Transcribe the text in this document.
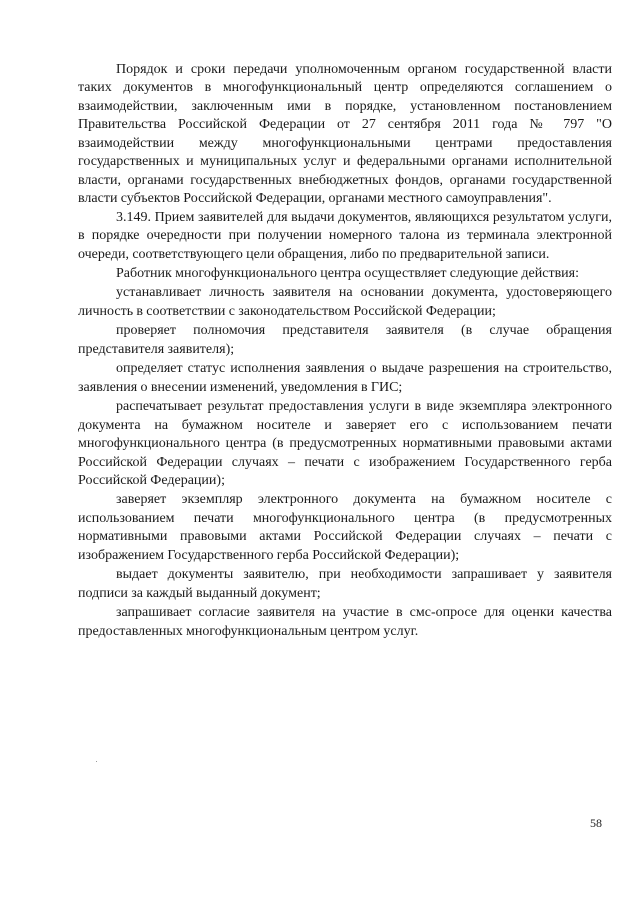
Порядок и сроки передачи уполномоченным органом государственной власти таких документов в многофункциональный центр определяются соглашением о взаимодействии, заключенным ими в порядке, установленном постановлением Правительства Российской Федерации от 27 сентября 2011 года № 797 "О взаимодействии между многофункциональными центрами предоставления государственных и муниципальных услуг и федеральными органами исполнительной власти, органами государственных внебюджетных фондов, органами государственной власти субъектов Российской Федерации, органами местного самоуправления".

3.149. Прием заявителей для выдачи документов, являющихся результатом услуги, в порядке очередности при получении номерного талона из терминала электронной очереди, соответствующего цели обращения, либо по предварительной записи.

Работник многофункционального центра осуществляет следующие действия:

устанавливает личность заявителя на основании документа, удостоверяющего личность в соответствии с законодательством Российской Федерации;

проверяет полномочия представителя заявителя (в случае обращения представителя заявителя);

определяет статус исполнения заявления о выдаче разрешения на строительство, заявления о внесении изменений, уведомления в ГИС;

распечатывает результат предоставления услуги в виде экземпляра электронного документа на бумажном носителе и заверяет его с использованием печати многофункционального центра (в предусмотренных нормативными правовыми актами Российской Федерации случаях – печати с изображением Государственного герба Российской Федерации);

заверяет экземпляр электронного документа на бумажном носителе с использованием печати многофункционального центра (в предусмотренных нормативными правовыми актами Российской Федерации случаях – печати с изображением Государственного герба Российской Федерации);

выдает документы заявителю, при необходимости запрашивает у заявителя подписи за каждый выданный документ;

запрашивает согласие заявителя на участие в смс-опросе для оценки качества предоставленных многофункциональным центром услуг.

58
